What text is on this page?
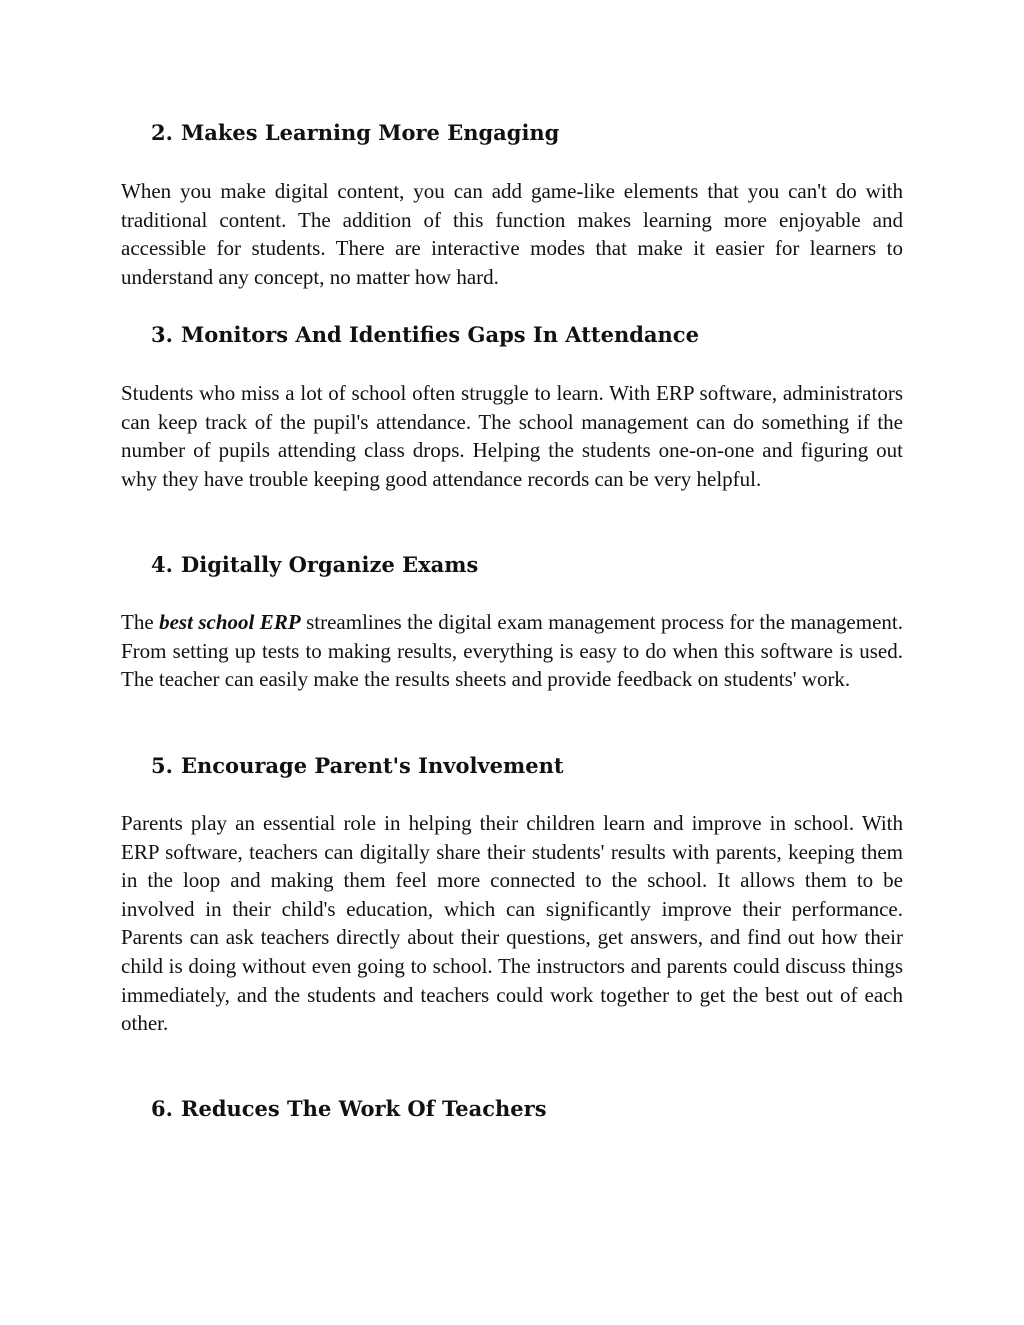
2. Makes Learning More Engaging

When you make digital content, you can add game-like elements that you can't do with traditional content. The addition of this function makes learning more enjoyable and accessible for students. There are interactive modes that make it easier for learners to understand any concept, no matter how hard.

3. Monitors And Identifies Gaps In Attendance

Students who miss a lot of school often struggle to learn. With ERP software, administrators can keep track of the pupil's attendance. The school management can do something if the number of pupils attending class drops. Helping the students one-on-one and figuring out why they have trouble keeping good attendance records can be very helpful.

4. Digitally Organize Exams

The best school ERP streamlines the digital exam management process for the management. From setting up tests to making results, everything is easy to do when this software is used. The teacher can easily make the results sheets and provide feedback on students' work.

5. Encourage Parent's Involvement

Parents play an essential role in helping their children learn and improve in school. With ERP software, teachers can digitally share their students' results with parents, keeping them in the loop and making them feel more connected to the school. It allows them to be involved in their child's education, which can significantly improve their performance. Parents can ask teachers directly about their questions, get answers, and find out how their child is doing without even going to school. The instructors and parents could discuss things immediately, and the students and teachers could work together to get the best out of each other.

6. Reduces The Work Of Teachers
